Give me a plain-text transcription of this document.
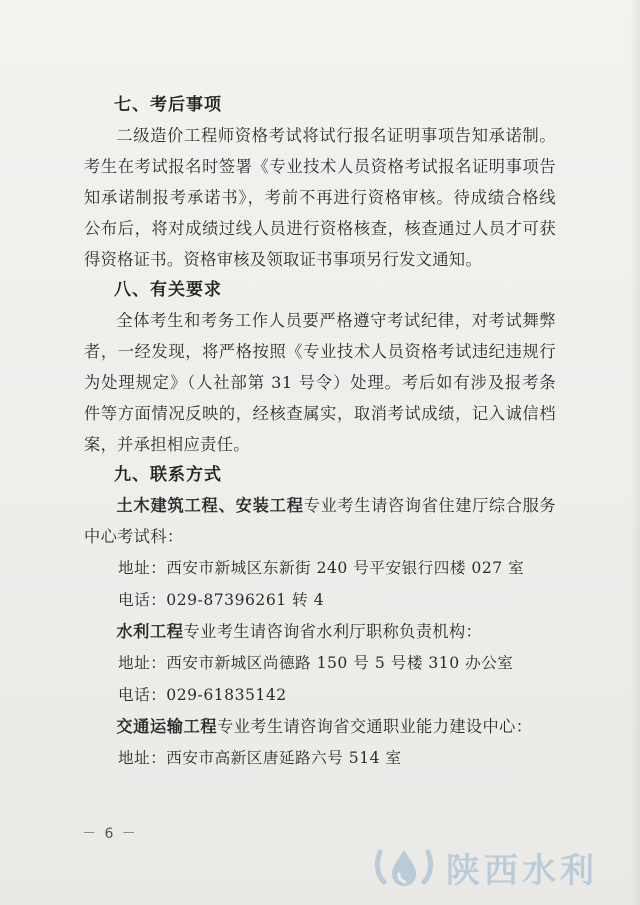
七、考后事项

二级造价工程师资格考试将试行报名证明事项告知承诺制。考生在考试报名时签署《专业技术人员资格考试报名证明事项告知承诺制报考承诺书》，考前不再进行资格审核。待成绩合格线公布后，将对成绩过线人员进行资格核查，核查通过人员才可获得资格证书。资格审核及领取证书事项另行发文通知。

八、有关要求

全体考生和考务工作人员要严格遵守考试纪律，对考试舞弊者，一经发现，将严格按照《专业技术人员资格考试违纪违规行为处理规定》（人社部第 31 号令）处理。考后如有涉及报考条件等方面情况反映的，经核查属实，取消考试成绩，记入诚信档案，并承担相应责任。

九、联系方式

土木建筑工程、安装工程专业考生请咨询省住建厅综合服务中心考试科：

地址：西安市新城区东新街 240 号平安银行四楼 027 室

电话：029-87396261 转 4

水利工程专业考生请咨询省水利厅职称负责机构：

地址：西安市新城区尚德路 150 号 5 号楼 310 办公室

电话：029-61835142

交通运输工程专业考生请咨询省交通职业能力建设中心：

地址：西安市高新区唐延路六号 514 室

－ 6 －
陕西水利
